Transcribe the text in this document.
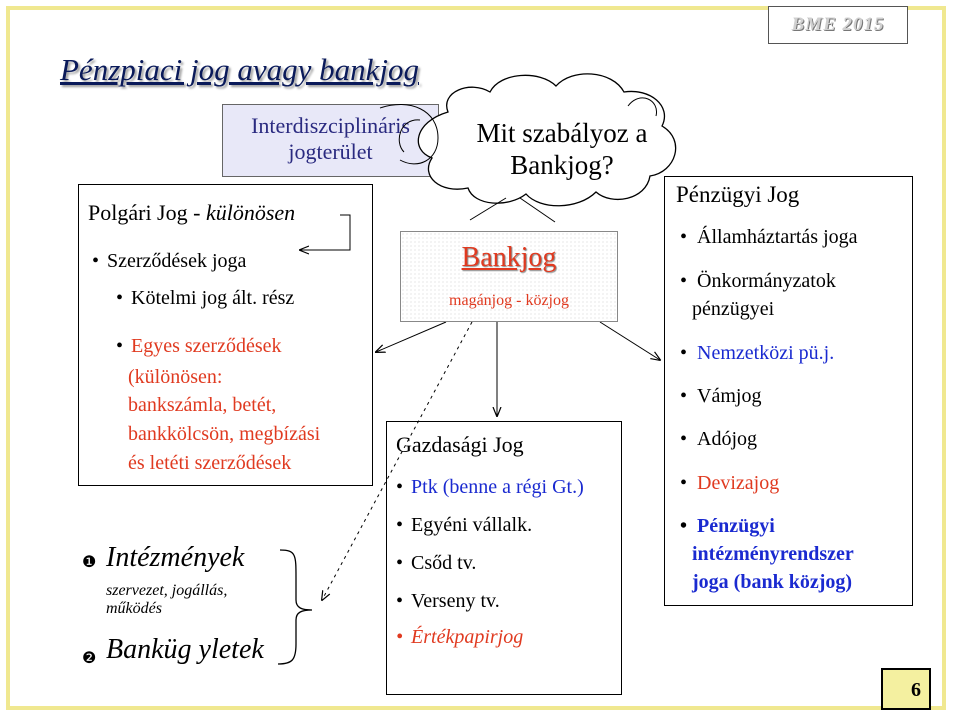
BME 2015
Pénzpiaci jog avagy bankjog
Interdiszciplináris
jogterület
Mit szabályoz a
Bankjog?
Polgári Jog - különösen
• Szerződések joga
• Kötelmi jog ált. rész
• Egyes szerződések
(különösen:
bankszámla, betét,
bankkölcsön, megbízási
és letéti szerződések
❶ Intézmények
szervezet, jogállás,
működés
❷ Banküg yletek
Bankjog
magánjog - közjog
Gazdasági Jog
• Ptk (benne a régi Gt.)
• Egyéni vállalk.
• Csőd tv.
• Verseny tv.
• Értékpapirjog
Pénzügyi Jog
• Államháztartás joga
• Önkormányzatok
pénzügyei
• Nemzetközi pü.j.
• Vámjog
• Adójog
• Devizajog
• Pénzügyi
intézményrendszer
joga (bank közjog)
6
